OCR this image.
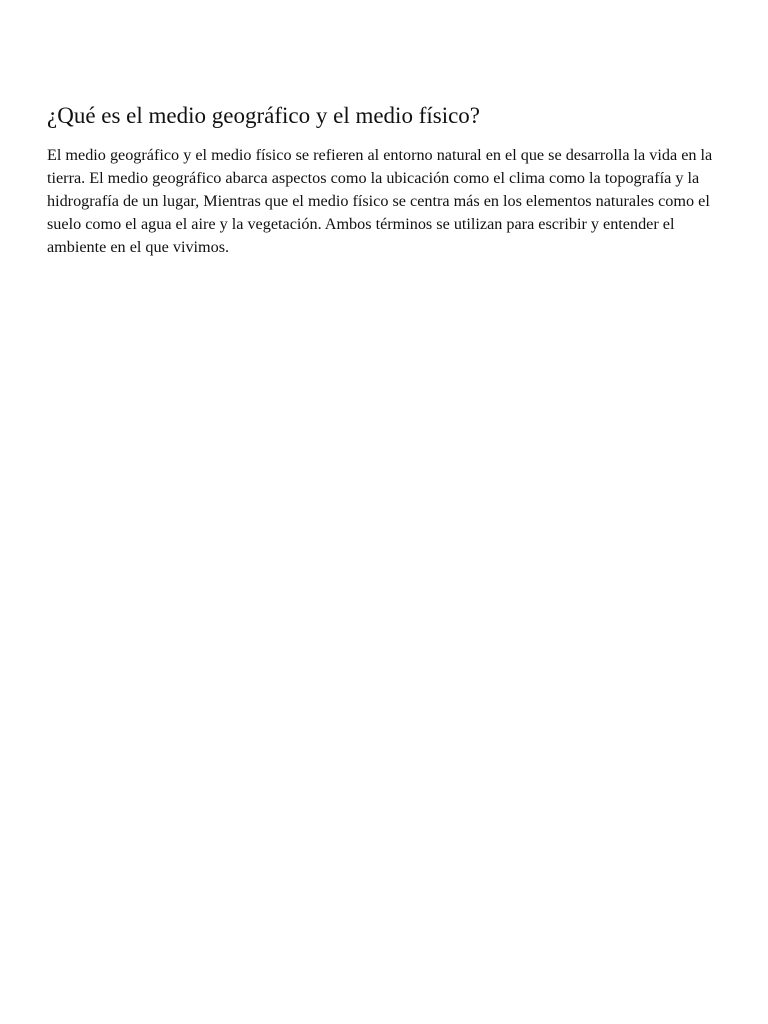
¿Qué es el medio geográfico y el medio físico?

El medio geográfico y el medio físico se refieren al entorno natural en el que se desarrolla la vida en la tierra. El medio geográfico abarca aspectos como la ubicación como el clima como la topografía y la hidrografía de un lugar, Mientras que el medio físico se centra más en los elementos naturales como el suelo como el agua el aire y la vegetación. Ambos términos se utilizan para escribir y entender el ambiente en el que vivimos.
